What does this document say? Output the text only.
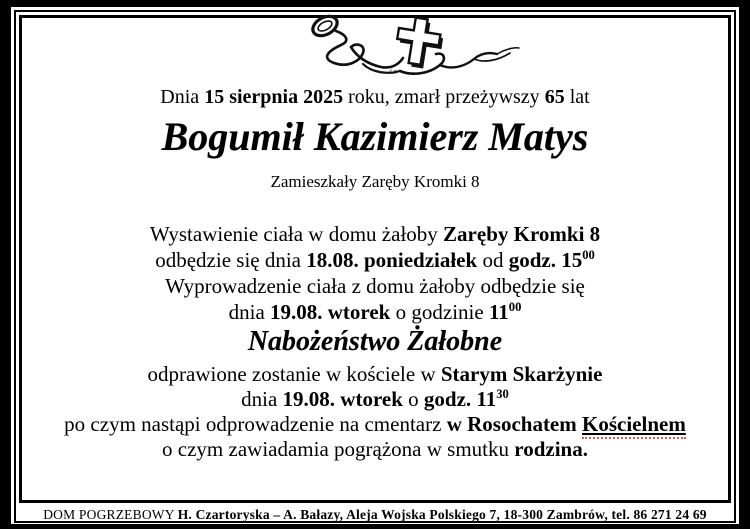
Ś.P.
Dnia 15 sierpnia 2025 roku, zmarł przeżywszy 65 lat
Bogumił Kazimierz Matys
Zamieszkały Zaręby Kromki 8
Wystawienie ciała w domu żałoby Zaręby Kromki 8
odbędzie się dnia 18.08. poniedziałek od godz. $15^{00}$
Wyprowadzenie ciała z domu żałoby odbędzie się
dnia 19.08. wtorek o godzinie $11^{00}$
Nabożeństwo Żałobne
odprawione zostanie w kościele w Starym Skarżynie
dnia 19.08. wtorek o godz. $11^{30}$
po czym nastąpi odprowadzenie na cmentarz w Rosochatem Kościelnem
o czym zawiadamia pogrążona w smutku rodzina.
DOM POGRZEBOWY H. Czartoryska – A. Bałazy, Aleja Wojska Polskiego 7, 18-300 Zambrów, tel. 86 271 24 69
